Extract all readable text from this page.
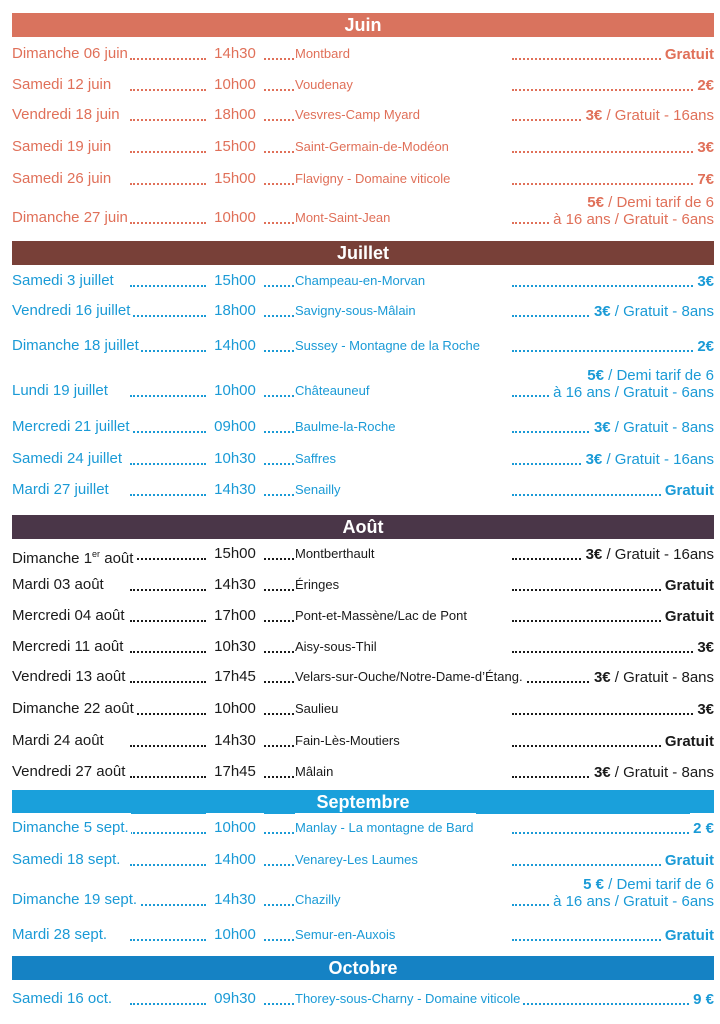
Juin
Dimanche 06 juin	14h30	Montbard	Gratuit
Samedi 12 juin	10h00	Voudenay	2€
Vendredi 18 juin	18h00	Vesvres-Camp Myard	3€ / Gratuit - 16ans
Samedi 19 juin	15h00	Saint-Germain-de-Modéon	3€
Samedi 26 juin	15h00	Flavigny - Domaine viticole	7€
Dimanche 27 juin	10h00	Mont-Saint-Jean
5€ / Demi tarif de 6
à 16 ans / Gratuit - 6ans
Juillet
Samedi 3 juillet	15h00	Champeau-en-Morvan	3€
Vendredi 16 juillet	18h00	Savigny-sous-Mâlain	3€ / Gratuit - 8ans
Dimanche 18 juillet	14h00	Sussey - Montagne de la Roche	2€
Lundi 19 juillet	10h00	Châteauneuf
5€ / Demi tarif de 6
à 16 ans / Gratuit - 6ans
Mercredi 21 juillet	09h00	Baulme-la-Roche	3€ / Gratuit - 8ans
Samedi 24 juillet	10h30	Saffres	3€ / Gratuit - 16ans
Mardi 27 juillet	14h30	Senailly	Gratuit
Août
Dimanche 1er août	15h00	Montberthault	3€ / Gratuit - 16ans
Mardi 03 août	14h30	Éringes	Gratuit
Mercredi 04 août	17h00	Pont-et-Massène/Lac de Pont	Gratuit
Mercredi 11 août	10h30	Aisy-sous-Thil	3€
Vendredi 13 août	17h45	Velars-sur-Ouche/Notre-Dame-d’Étang.	3€ / Gratuit - 8ans
Dimanche 22 août	10h00	Saulieu	3€
Mardi 24 août	14h30	Fain-Lès-Moutiers	Gratuit
Vendredi 27 août	17h45	Mâlain	3€ / Gratuit - 8ans
Septembre
Dimanche 5 sept.	10h00	Manlay - La montagne de Bard	2 €
Samedi 18 sept.	14h00	Venarey-Les Laumes	Gratuit
Dimanche 19 sept.	14h30	Chazilly
5 € / Demi tarif de 6
à 16 ans / Gratuit - 6ans
Mardi 28 sept.	10h00	Semur-en-Auxois	Gratuit
Octobre
Samedi 16 oct.	09h30	Thorey-sous-Charny - Domaine viticole	9 €
